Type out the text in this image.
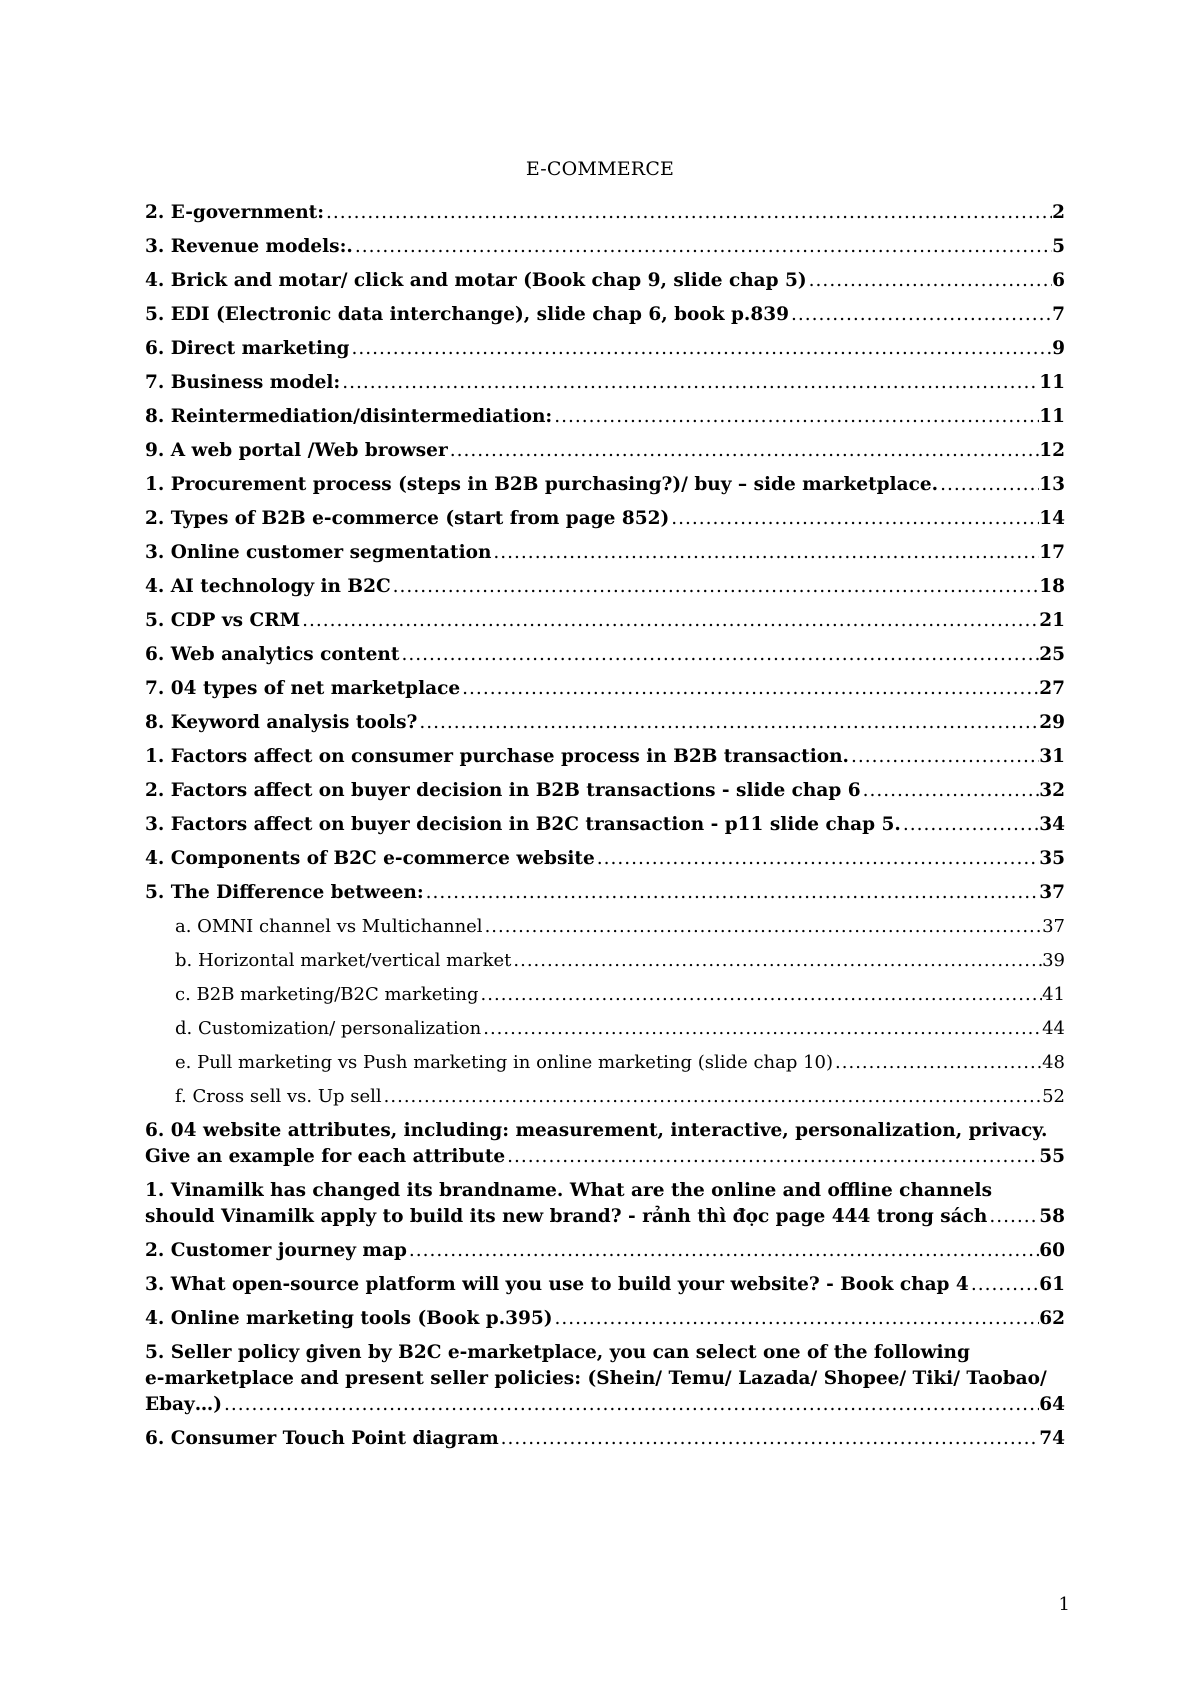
E-COMMERCE
2. E-government: .....	2
3. Revenue models:. .....	5
4. Brick and motar/ click and motar (Book chap 9, slide chap 5) .....	6
5. EDI (Electronic data interchange), slide chap 6, book p.839 .....	7
6. Direct marketing .....	9
7. Business model: .....	11
8. Reintermediation/disintermediation: .....	11
9. A web portal /Web browser .....	12
1. Procurement process (steps in B2B purchasing?)/ buy – side marketplace. .....	13
2. Types of B2B e-commerce (start from page 852) .....	14
3. Online customer segmentation .....	17
4. AI technology in B2C .....	18
5. CDP vs CRM .....	21
6. Web analytics content .....	25
7. 04 types of net marketplace .....	27
8. Keyword analysis tools? .....	29
1. Factors affect on consumer purchase process in B2B transaction. .....	31
2. Factors affect on buyer decision in B2B transactions - slide chap 6 .....	32
3. Factors affect on buyer decision in B2C transaction - p11 slide chap 5. .....	34
4. Components of B2C e-commerce website .....	35
5. The Difference between: .....	37
a. OMNI channel vs Multichannel .....	37
b. Horizontal market/vertical market .....	39
c. B2B marketing/B2C marketing .....	41
d. Customization/ personalization .....	44
e. Pull marketing vs Push marketing in online marketing (slide chap 10) .....	48
f. Cross sell vs. Up sell .....	52
6. 04 website attributes, including: measurement, interactive, personalization, privacy.
Give an example for each attribute .....	55
1. Vinamilk has changed its brandname. What are the online and offline channels
should Vinamilk apply to build its new brand? - rảnh thì đọc page 444 trong sách .....	58
2. Customer journey map .....	60
3. What open-source platform will you use to build your website? - Book chap 4 .....	61
4. Online marketing tools (Book p.395) .....	62
5. Seller policy given by B2C e-marketplace, you can select one of the following
e-marketplace and present seller policies: (Shein/ Temu/ Lazada/ Shopee/ Tiki/ Taobao/
Ebay…) .....	64
6. Consumer Touch Point diagram .....	74
1
